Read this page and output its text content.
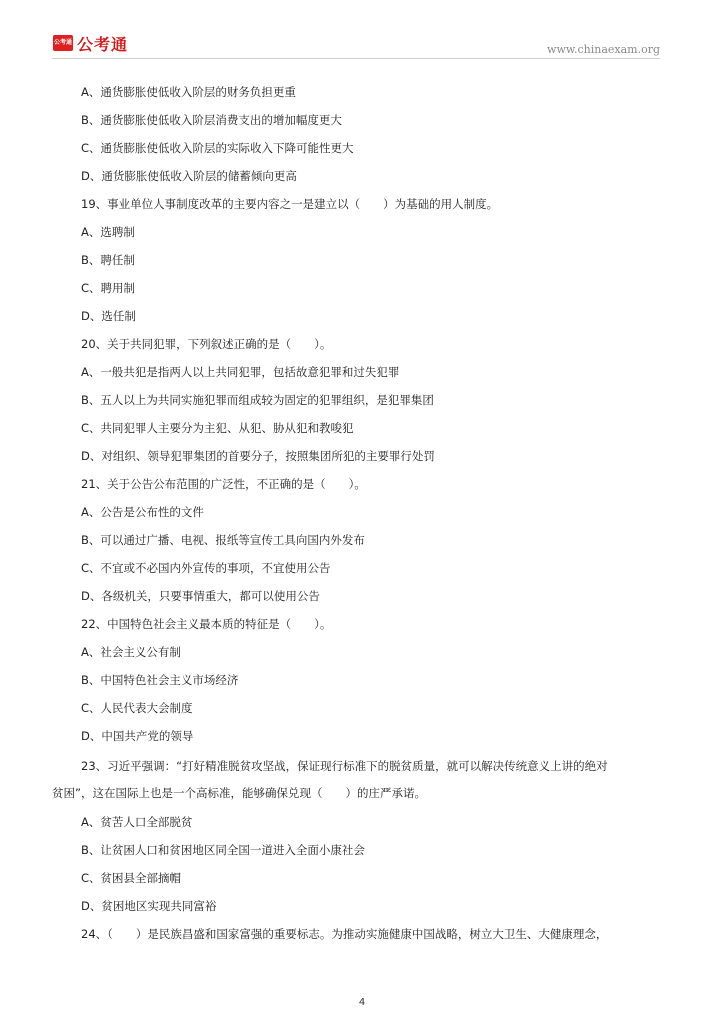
公考通 公考通	www.chinaexam.org
A、通货膨胀使低收入阶层的财务负担更重
B、通货膨胀使低收入阶层消费支出的增加幅度更大
C、通货膨胀使低收入阶层的实际收入下降可能性更大
D、通货膨胀使低收入阶层的储蓄倾向更高
19、事业单位人事制度改革的主要内容之一是建立以（　　）为基础的用人制度。
A、选聘制
B、聘任制
C、聘用制
D、选任制
20、关于共同犯罪，下列叙述正确的是（　　）。
A、一般共犯是指两人以上共同犯罪，包括故意犯罪和过失犯罪
B、五人以上为共同实施犯罪而组成较为固定的犯罪组织，是犯罪集团
C、共同犯罪人主要分为主犯、从犯、胁从犯和教唆犯
D、对组织、领导犯罪集团的首要分子，按照集团所犯的主要罪行处罚
21、关于公告公布范围的广泛性，不正确的是（　　）。
A、公告是公布性的文件
B、可以通过广播、电视、报纸等宣传工具向国内外发布
C、不宜或不必国内外宣传的事项，不宜使用公告
D、各级机关，只要事情重大，都可以使用公告
22、中国特色社会主义最本质的特征是（　　）。
A、社会主义公有制
B、中国特色社会主义市场经济
C、人民代表大会制度
D、中国共产党的领导
23、习近平强调：“打好精准脱贫攻坚战，保证现行标准下的脱贫质量，就可以解决传统意义上讲的绝对
贫困”，这在国际上也是一个高标准，能够确保兑现（　　）的庄严承诺。
A、贫苦人口全部脱贫
B、让贫困人口和贫困地区同全国一道进入全面小康社会
C、贫困县全部摘帽
D、贫困地区实现共同富裕
24、（　　）是民族昌盛和国家富强的重要标志。为推动实施健康中国战略，树立大卫生、大健康理念，
4
